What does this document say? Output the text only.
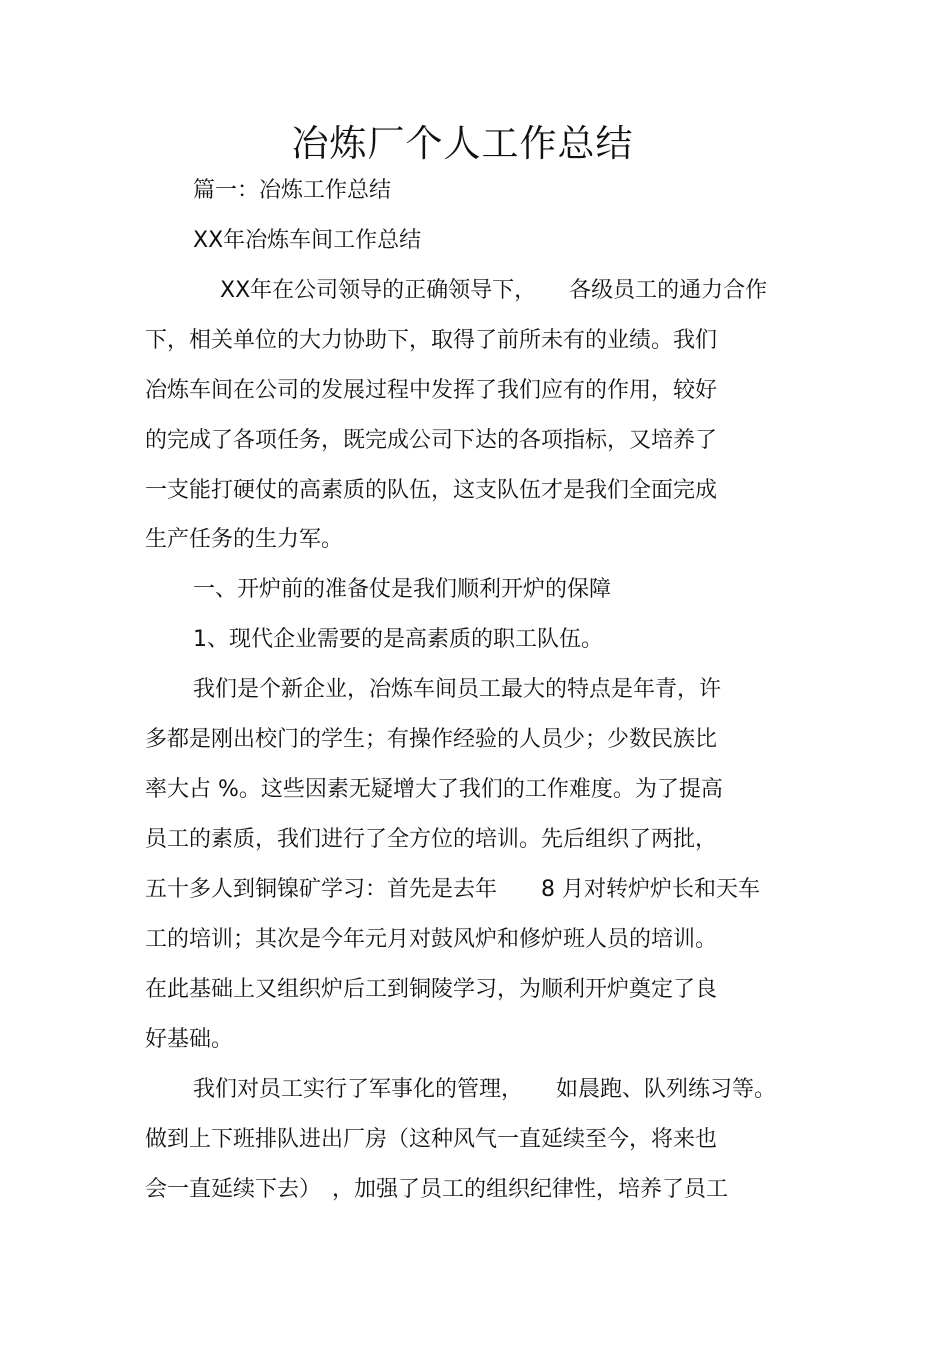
冶炼厂个人工作总结
篇一：冶炼工作总结
XX年冶炼车间工作总结
XX年在公司领导的正确领导下，　　各级员工的通力合作
下，相关单位的大力协助下，取得了前所未有的业绩。我们
冶炼车间在公司的发展过程中发挥了我们应有的作用，较好
的完成了各项任务，既完成公司下达的各项指标，又培养了
一支能打硬仗的高素质的队伍，这支队伍才是我们全面完成
生产任务的生力军。
一、开炉前的准备仗是我们顺利开炉的保障
1、现代企业需要的是高素质的职工队伍。
我们是个新企业，冶炼车间员工最大的特点是年青，许
多都是刚出校门的学生；有操作经验的人员少；少数民族比
率大占 %。这些因素无疑增大了我们的工作难度。为了提高
员工的素质，我们进行了全方位的培训。先后组织了两批，
五十多人到铜镍矿学习：首先是去年　　8 月对转炉炉长和天车
工的培训；其次是今年元月对鼓风炉和修炉班人员的培训。
在此基础上又组织炉后工到铜陵学习，为顺利开炉奠定了良
好基础。
我们对员工实行了军事化的管理，　　如晨跑、队列练习等。
做到上下班排队进出厂房（这种风气一直延续至今，将来也
会一直延续下去）　，加强了员工的组织纪律性，培养了员工
